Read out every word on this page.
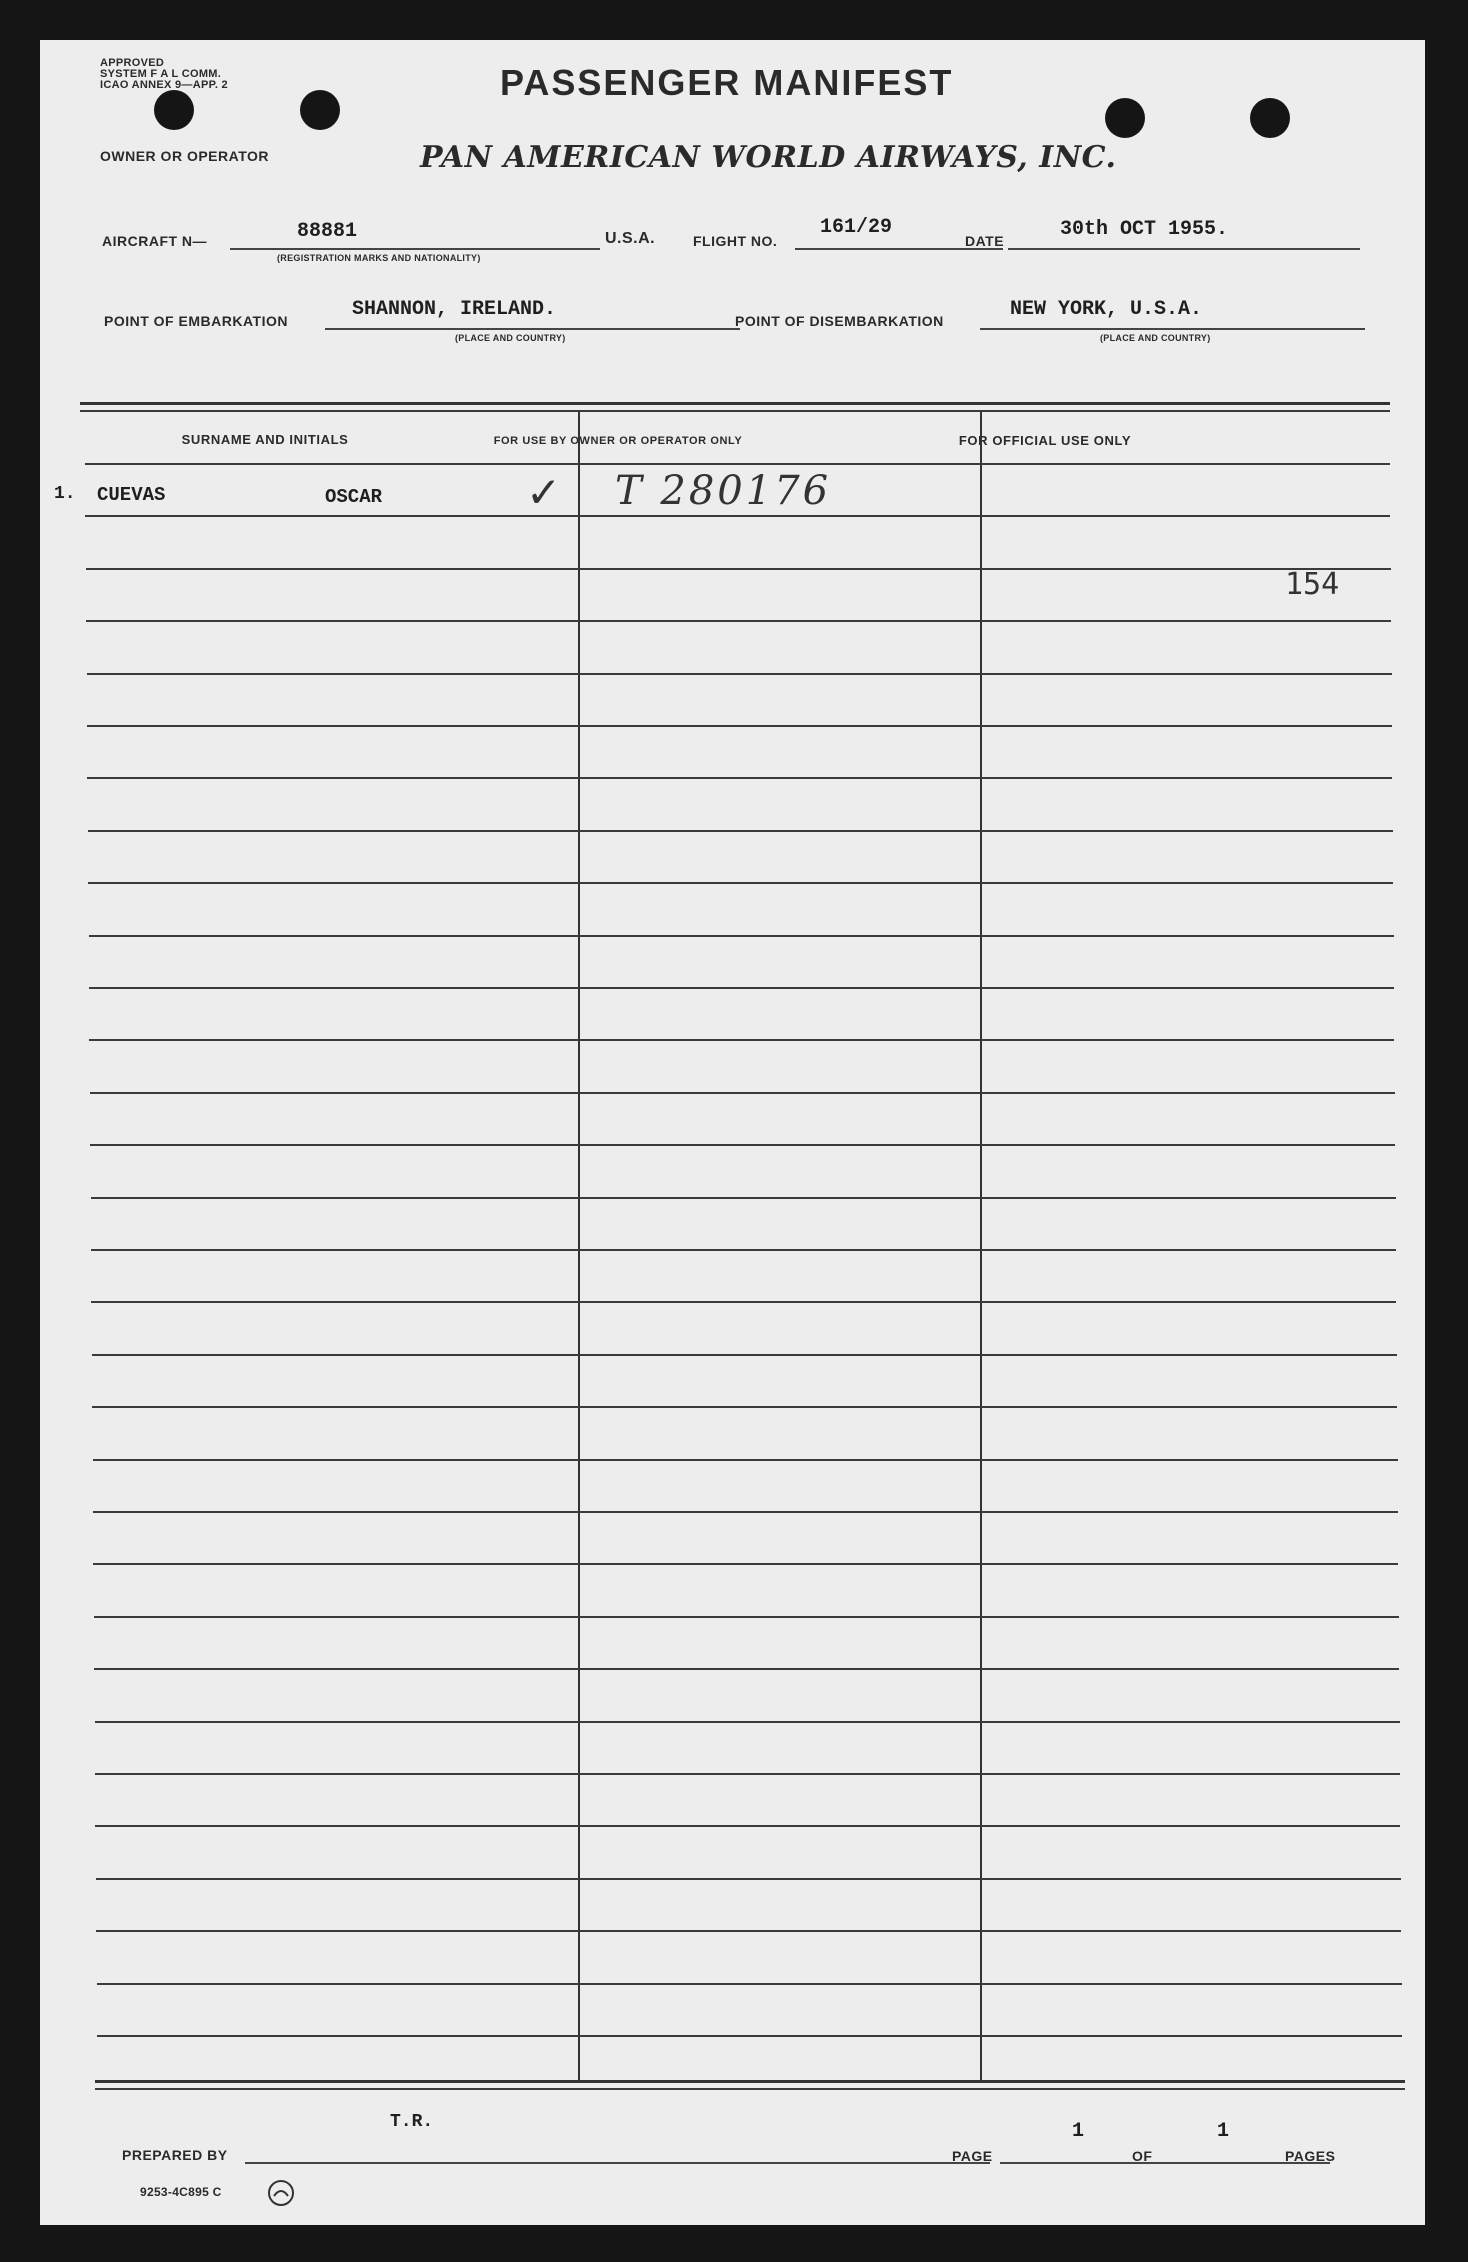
APPROVED
SYSTEM F A L COMM.
ICAO ANNEX 9—APP. 2	PASSENGER MANIFEST
OWNER OR OPERATOR	PAN AMERICAN WORLD AIRWAYS, INC.
AIRCRAFT N—	88881
(REGISTRATION MARKS AND NATIONALITY)
U.S.A.	FLIGHT NO.
161/29
DATE	30th OCT 1955.
POINT OF EMBARKATION	SHANNON, IRELAND.
(PLACE AND COUNTRY)
POINT OF DISEMBARKATION	NEW YORK, U.S.A.
(PLACE AND COUNTRY)
SURNAME AND INITIALS	FOR USE BY OWNER OR OPERATOR ONLY	FOR OFFICIAL USE ONLY
1. CUEVAS	OSCAR	✓ T 280176
154
T.R.
PREPARED BY	PAGE
1
OF
1
PAGES
9253-4C895 C
